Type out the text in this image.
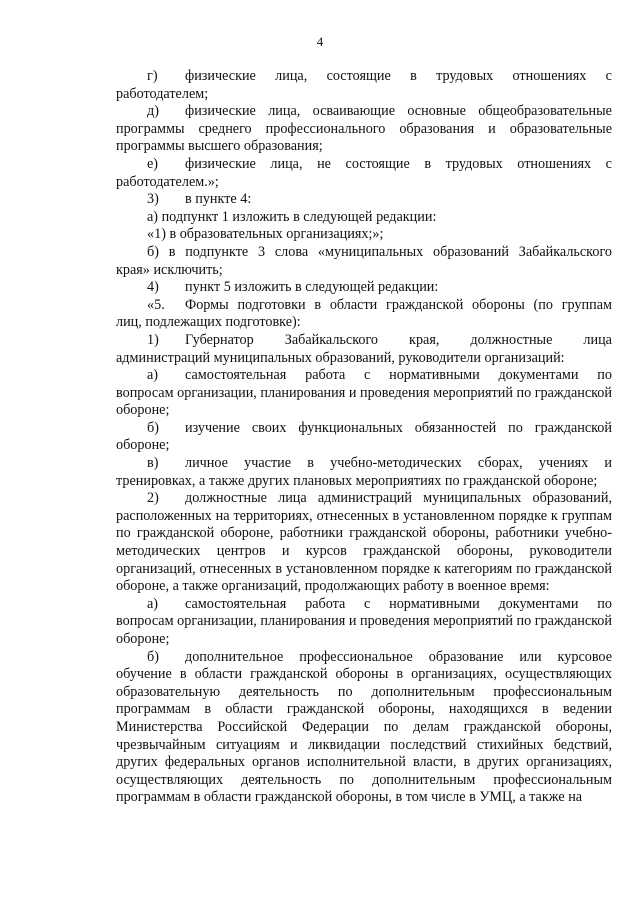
4
г)	физические лица, состоящие в трудовых отношениях с

работодателем;

д)	физические лица, осваивающие основные общеобразовательные

программы среднего профессионального образования и образовательные программы высшего образования;

е)	физические лица, не состоящие в трудовых отношениях с

работодателем.»;

3)	в пункте 4:
а) подпункт 1 изложить в следующей редакции:
«1) в образовательных организациях;»;
б) в подпункте 3 слова «муниципальных образований Забайкальского

края» исключить;

4)	пункт 5 изложить в следующей редакции:
«5.	Формы подготовки в области гражданской обороны (по группам

лиц, подлежащих подготовке):

1)	Губернатор Забайкальского края, должностные лица

администраций муниципальных образований, руководители организаций:

а)	самостоятельная работа с нормативными документами по

вопросам организации, планирования и проведения мероприятий по гражданской обороне;

б)	изучение своих функциональных обязанностей по гражданской

обороне;

в)	личное участие в учебно-методических сборах, учениях и

тренировках, а также других плановых мероприятиях по гражданской обороне;

2)	должностные лица администраций муниципальных образований,

расположенных на территориях, отнесенных в установленном порядке к группам по гражданской обороне, работники гражданской обороны, работники учебно-методических центров и курсов гражданской обороны, руководители организаций, отнесенных в установленном порядке к категориям по гражданской обороне, а также организаций, продолжающих работу в военное время:

а)	самостоятельная работа с нормативными документами по

вопросам организации, планирования и проведения мероприятий по гражданской обороне;

б)	дополнительное профессиональное образование или курсовое

обучение в области гражданской обороны в организациях, осуществляющих образовательную деятельность по дополнительным профессиональным программам в области гражданской обороны, находящихся в ведении Министерства Российской Федерации по делам гражданской обороны, чрезвычайным ситуациям и ликвидации последствий стихийных бедствий, других федеральных органов исполнительной власти, в других организациях, осуществляющих деятельность по дополнительным профессиональным программам в области гражданской обороны, в том числе в УМЦ, а также на
